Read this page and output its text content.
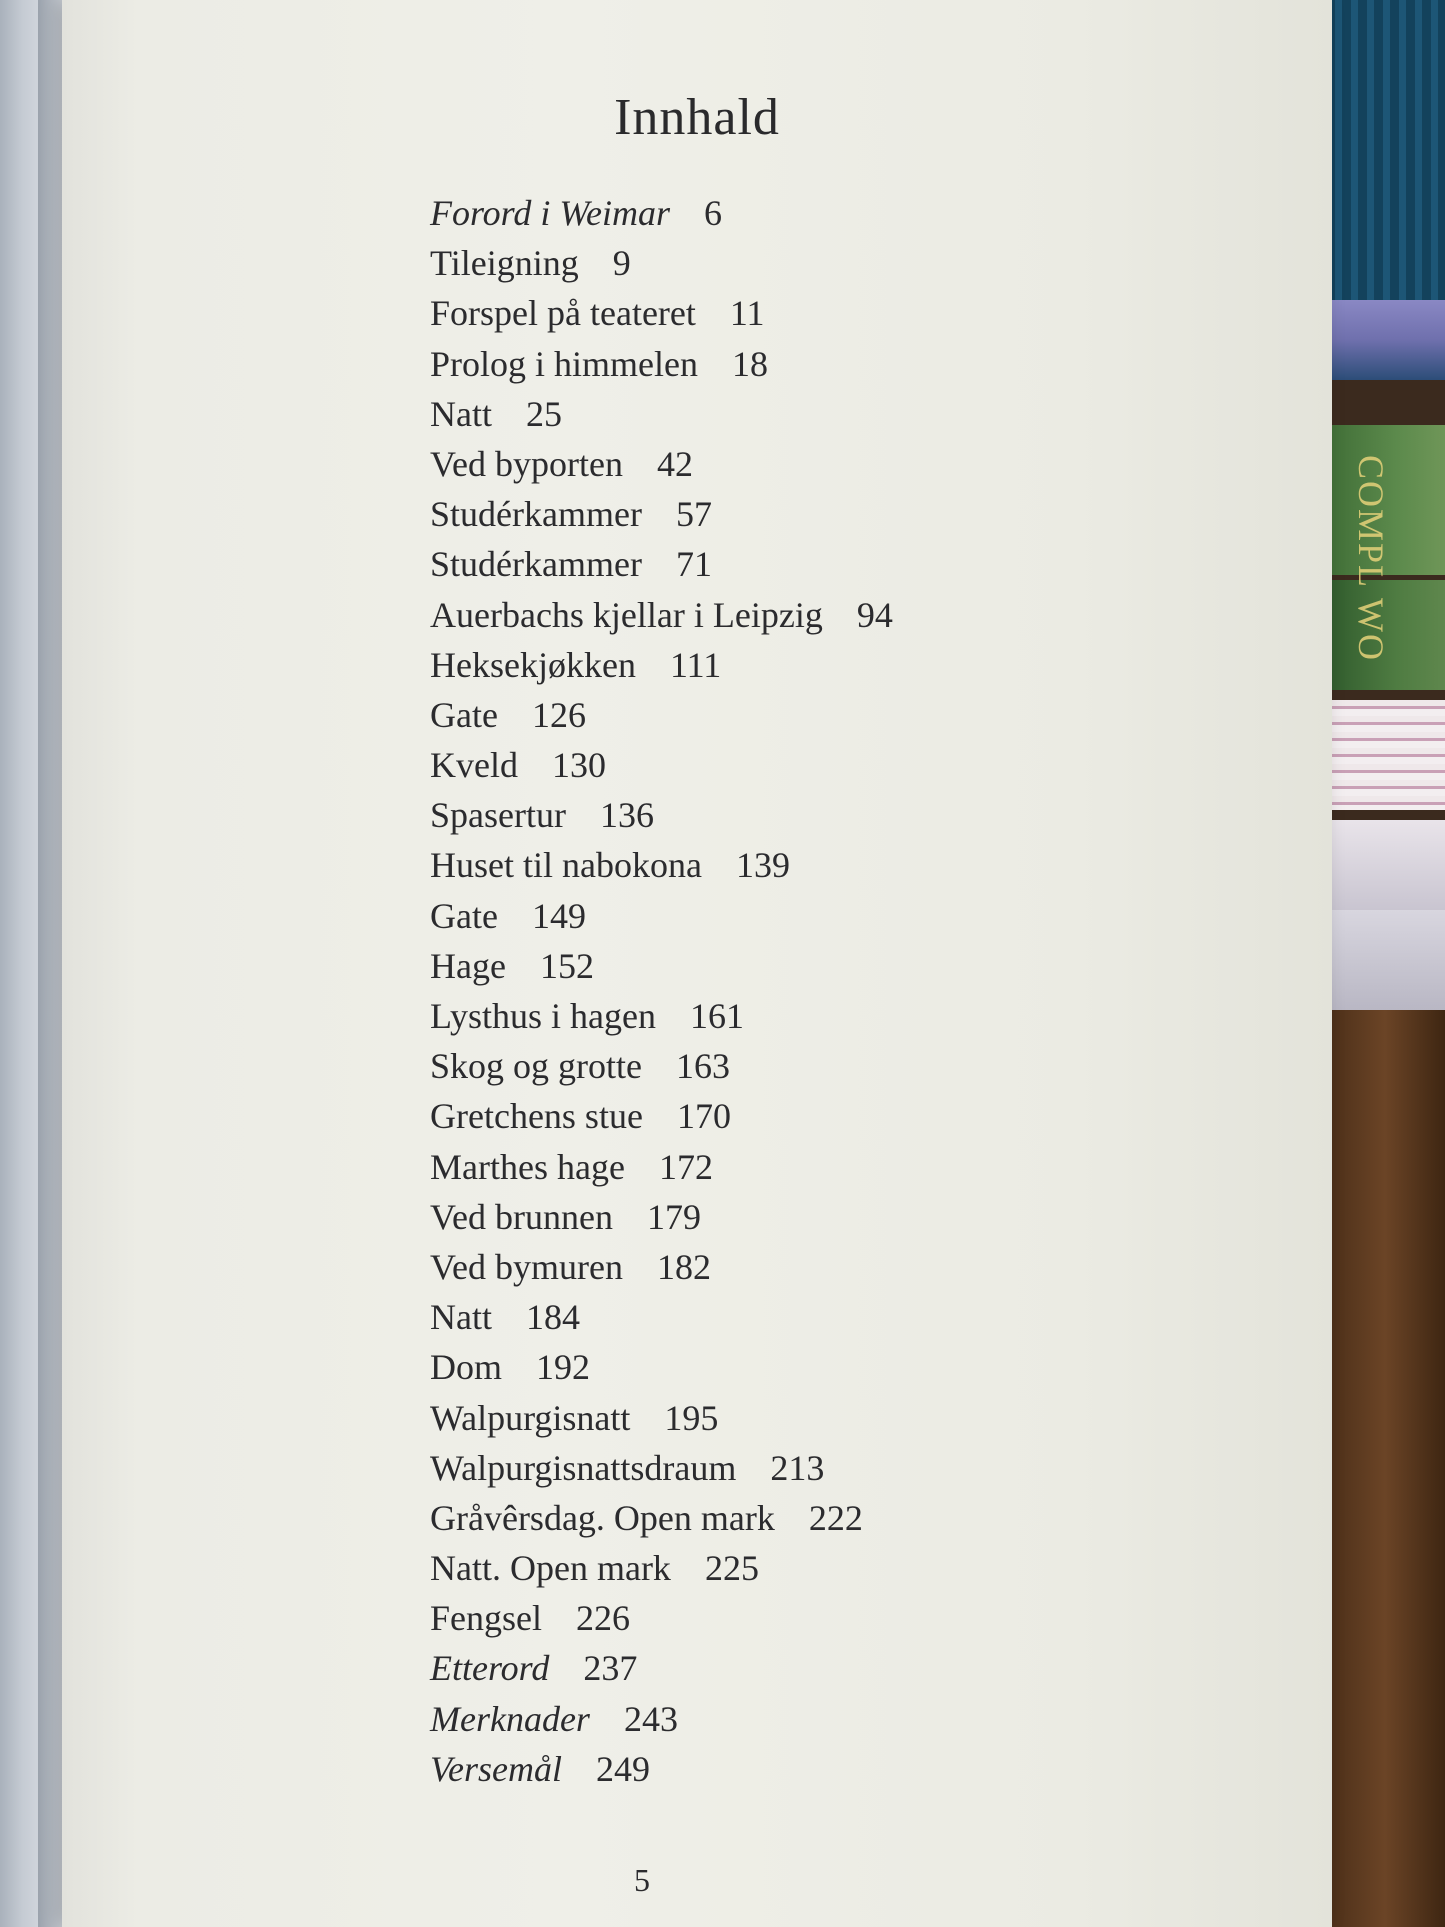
COMPL WO
Innhald
Forord i Weimar 6
Tileigning 9
Forspel på teateret 11
Prolog i himmelen 18
Natt 25
Ved byporten 42
Studérkammer 57
Studérkammer 71
Auerbachs kjellar i Leipzig 94
Heksekjøkken 111
Gate 126
Kveld 130
Spasertur 136
Huset til nabokona 139
Gate 149
Hage 152
Lysthus i hagen 161
Skog og grotte 163
Gretchens stue 170
Marthes hage 172
Ved brunnen 179
Ved bymuren 182
Natt 184
Dom 192
Walpurgisnatt 195
Walpurgisnattsdraum 213
Gråvêrsdag. Open mark 222
Natt. Open mark 225
Fengsel 226
Etterord 237
Merknader 243
Versemål 249
5
